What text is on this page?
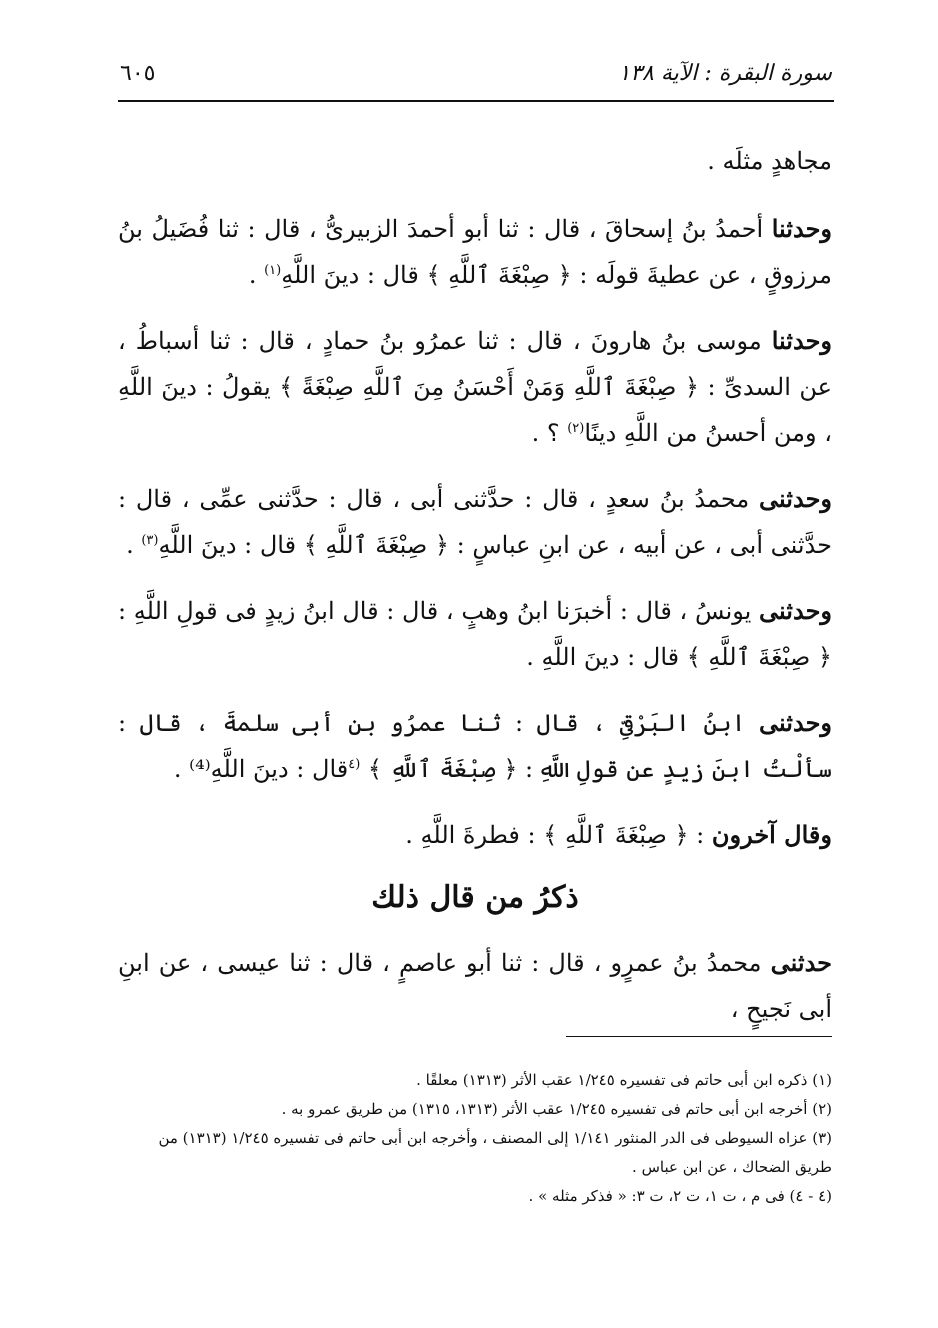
سورة البقرة : الآية ١٣٨
٦٠٥

مجاهدٍ مثلَه .

وحدثنا أحمدُ بنُ إسحاقَ ، قال : ثنا أبو أحمدَ الزبيرىُّ ، قال : ثنا فُضَيلُ بنُ مرزوقٍ ، عن عطيةَ قولَه : ﴿ صِبْغَةَ ٱللَّهِ ﴾ قال : دينَ اللَّهِ$^{(١)}$ .

وحدثنا موسى بنُ هارونَ ، قال : ثنا عمرُو بنُ حمادٍ ، قال : ثنا أسباطُ ، عن السدىِّ : ﴿ صِبْغَةَ ٱللَّهِ وَمَنْ أَحْسَنُ مِنَ ٱللَّهِ صِبْغَةً ﴾ يقولُ : دينَ اللَّهِ ، ومن أحسنُ من اللَّهِ دينًا$^{(٢)}$ ؟ .

وحدثنى محمدُ بنُ سعدٍ ، قال : حدَّثنى أبى ، قال : حدَّثنى عمِّى ، قال : حدَّثنى أبى ، عن أبيه ، عن ابنِ عباسٍ : ﴿ صِبْغَةَ ٱللَّهِ ﴾ قال : دينَ اللَّهِ$^{(٣)}$ .

وحدثنى يونسُ ، قال : أخبرَنا ابنُ وهبٍ ، قال : قال ابنُ زيدٍ فى قولِ اللَّهِ : ﴿ صِبْغَةَ ٱللَّهِ ﴾ قال : دينَ اللَّهِ .

وحدثنى ابنُ البَرْقىِّ ، قال : ثنا عمرُو بن أبى سلمةَ ، قال : سألْتُ ابنَ زيدٍ عن قولِ اللَّهِ : ﴿ صِبْغَةَ ٱللَّهِ ﴾ $^{(٤}$قال : دينَ اللَّهِ⁽⁴⁾ .

وقال آخرون : ﴿ صِبْغَةَ ٱللَّهِ ﴾ : فطرةَ اللَّهِ .

ذكرُ من قال ذلك
حدثنى محمدُ بنُ عمرٍو ، قال : ثنا أبو عاصمٍ ، قال : ثنا عيسى ، عن ابنِ أبى نَجيحٍ ،
(١) ذكره ابن أبى حاتم فى تفسيره ١/٢٤٥ عقب الأثر (١٣١٣) معلقًا .
(٢) أخرجه ابن أبى حاتم فى تفسيره ١/٢٤٥ عقب الأثر (١٣١٣، ١٣١٥) من طريق عمرو به .
(٣) عزاه السيوطى فى الدر المنثور ١/١٤١ إلى المصنف ، وأخرجه ابن أبى حاتم فى تفسيره ١/٢٤٥ (١٣١٣) من طريق الضحاك ، عن ابن عباس .
(٤ - ٤) فى م ، ت ١، ت ٢، ت ٣: « فذكر مثله » .
